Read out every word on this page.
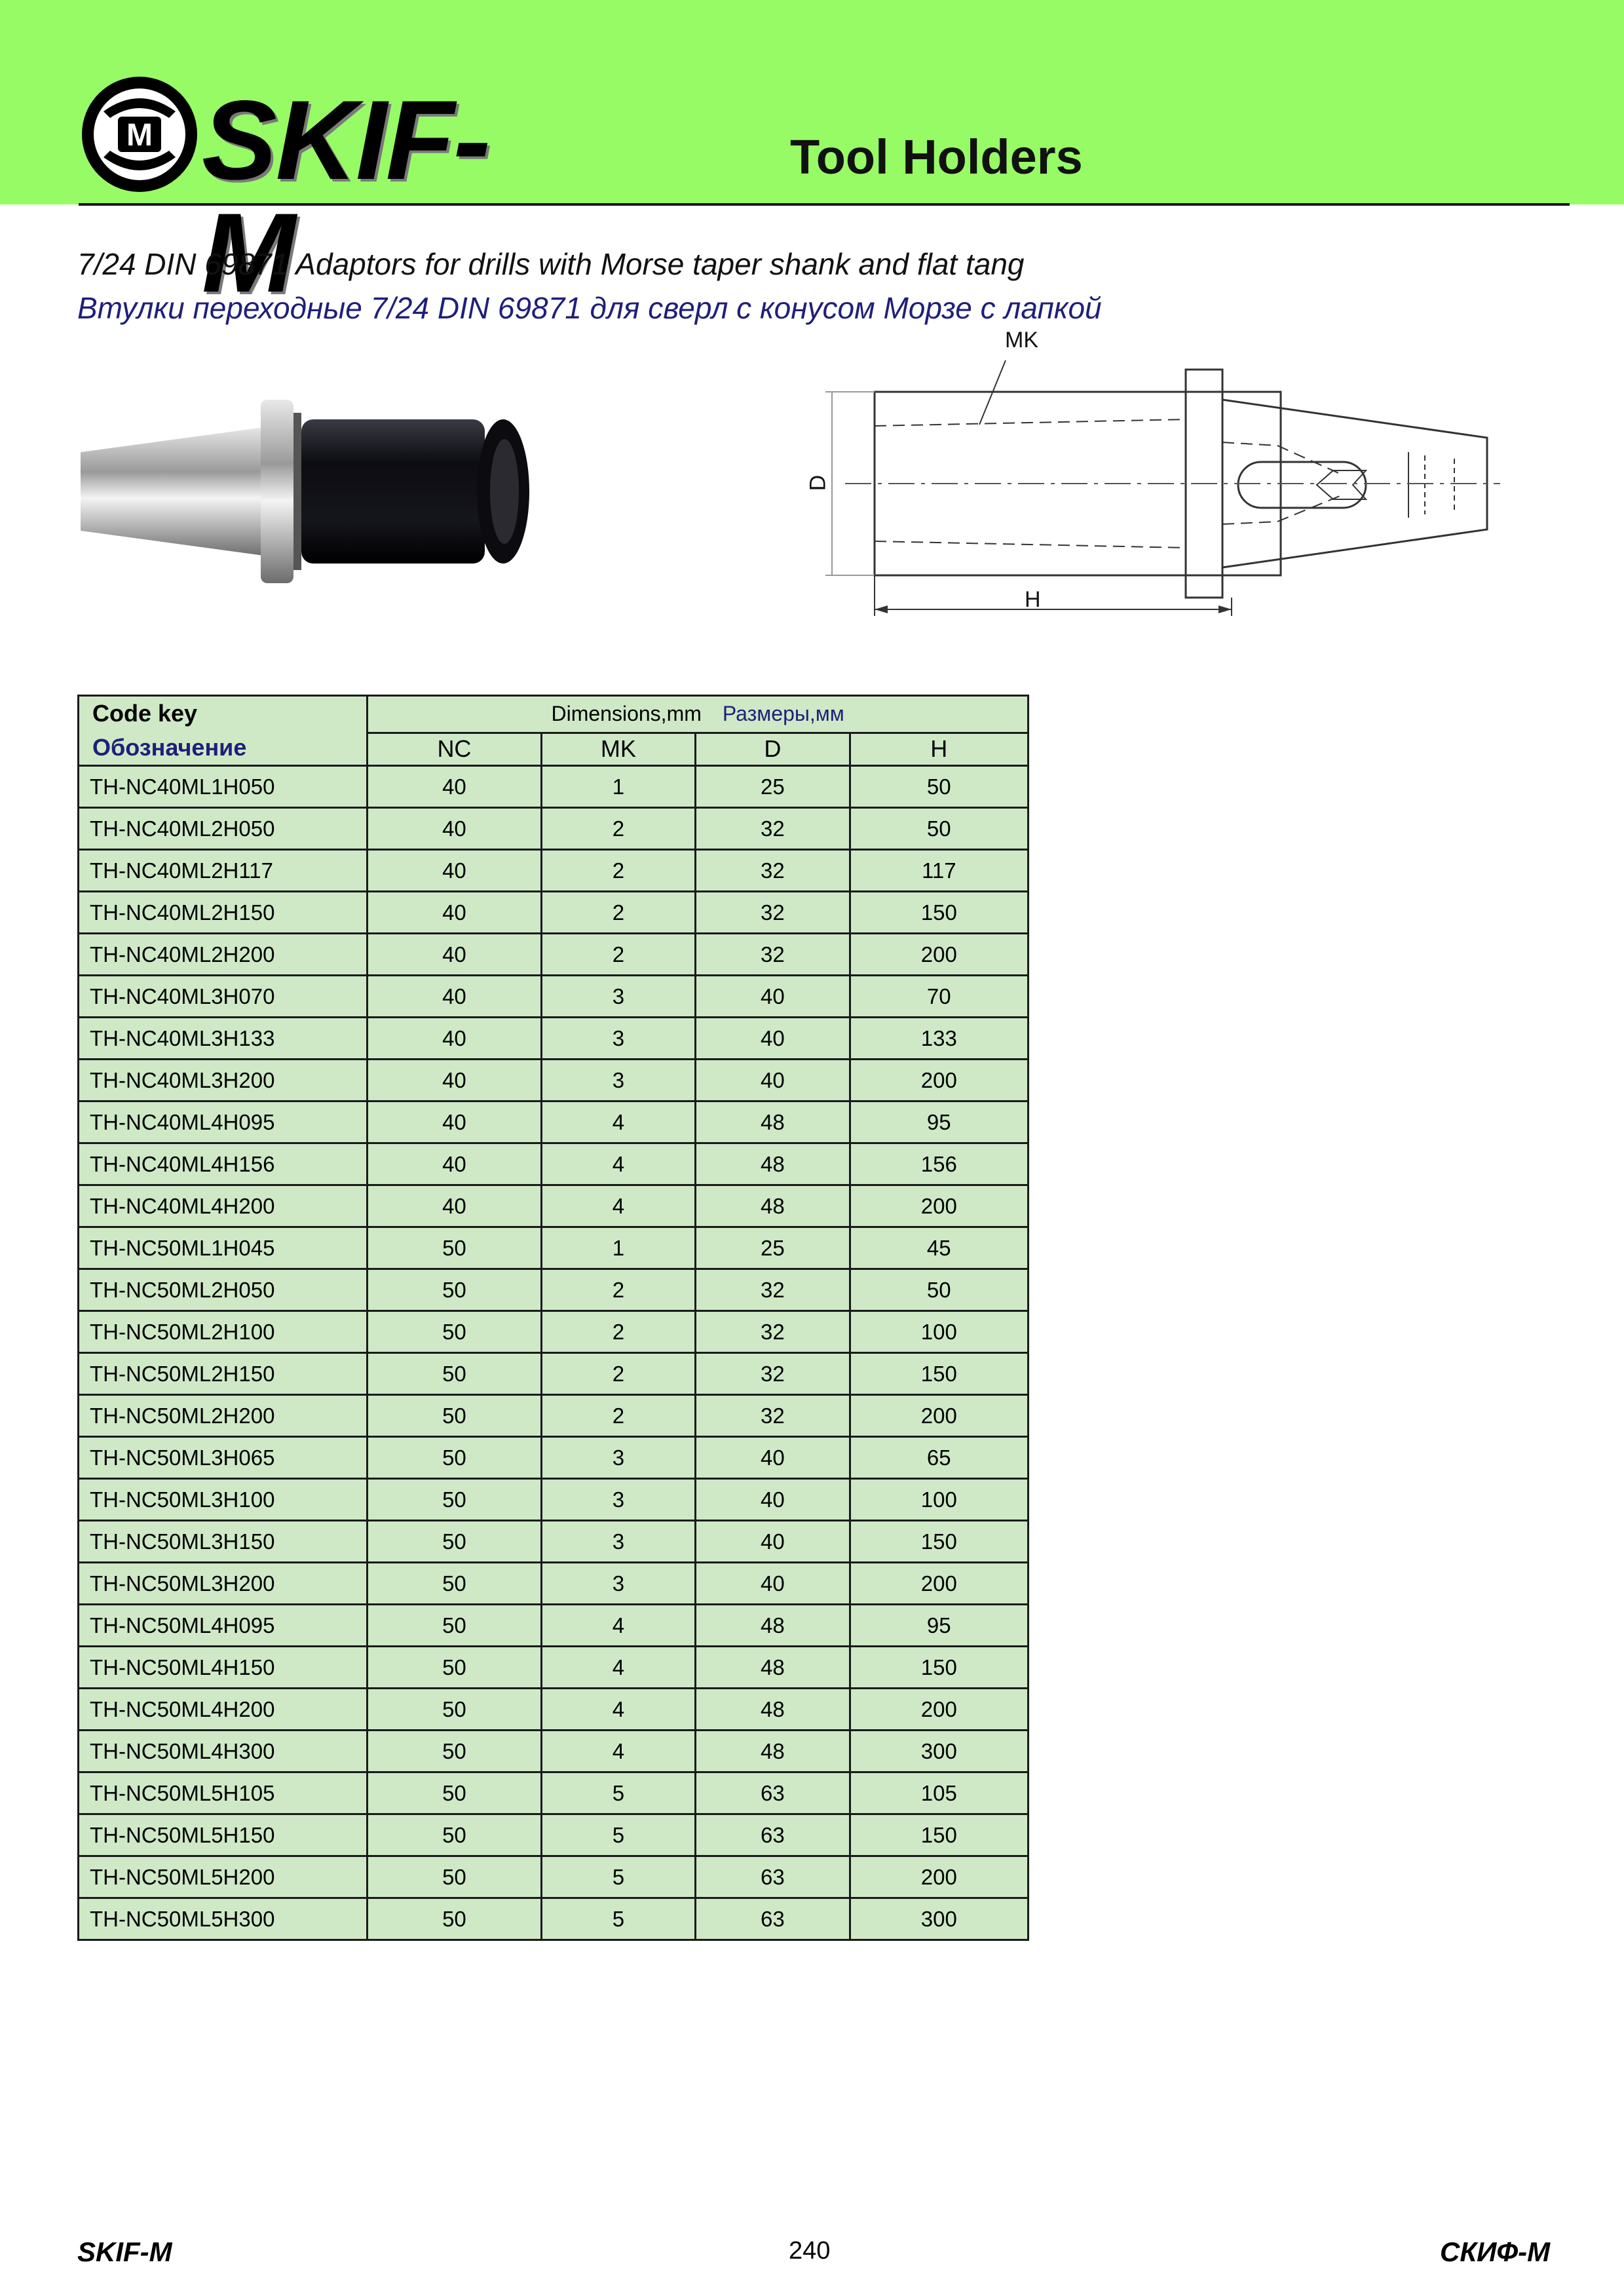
M SKIF-M
Tool Holders
7/24 DIN 69871 Adaptors for drills with Morse taper shank and flat tang
Втулки переходные 7/24 DIN 69871 для сверл с конусом Морзе с лапкой
MK
D
H
Code key
Обозначение	Dimensions,mm Размеры,мм			
	NC	MK	D	H
TH-NC40ML1H050	40	1	25	50
TH-NC40ML2H050	40	2	32	50
TH-NC40ML2H117	40	2	32	117
TH-NC40ML2H150	40	2	32	150
TH-NC40ML2H200	40	2	32	200
TH-NC40ML3H070	40	3	40	70
TH-NC40ML3H133	40	3	40	133
TH-NC40ML3H200	40	3	40	200
TH-NC40ML4H095	40	4	48	95
TH-NC40ML4H156	40	4	48	156
TH-NC40ML4H200	40	4	48	200
TH-NC50ML1H045	50	1	25	45
TH-NC50ML2H050	50	2	32	50
TH-NC50ML2H100	50	2	32	100
TH-NC50ML2H150	50	2	32	150
TH-NC50ML2H200	50	2	32	200
TH-NC50ML3H065	50	3	40	65
TH-NC50ML3H100	50	3	40	100
TH-NC50ML3H150	50	3	40	150
TH-NC50ML3H200	50	3	40	200
TH-NC50ML4H095	50	4	48	95
TH-NC50ML4H150	50	4	48	150
TH-NC50ML4H200	50	4	48	200
TH-NC50ML4H300	50	4	48	300
TH-NC50ML5H105	50	5	63	105
TH-NC50ML5H150	50	5	63	150
TH-NC50ML5H200	50	5	63	200
TH-NC50ML5H300	50	5	63	300
SKIF-M	240	СКИФ-М
